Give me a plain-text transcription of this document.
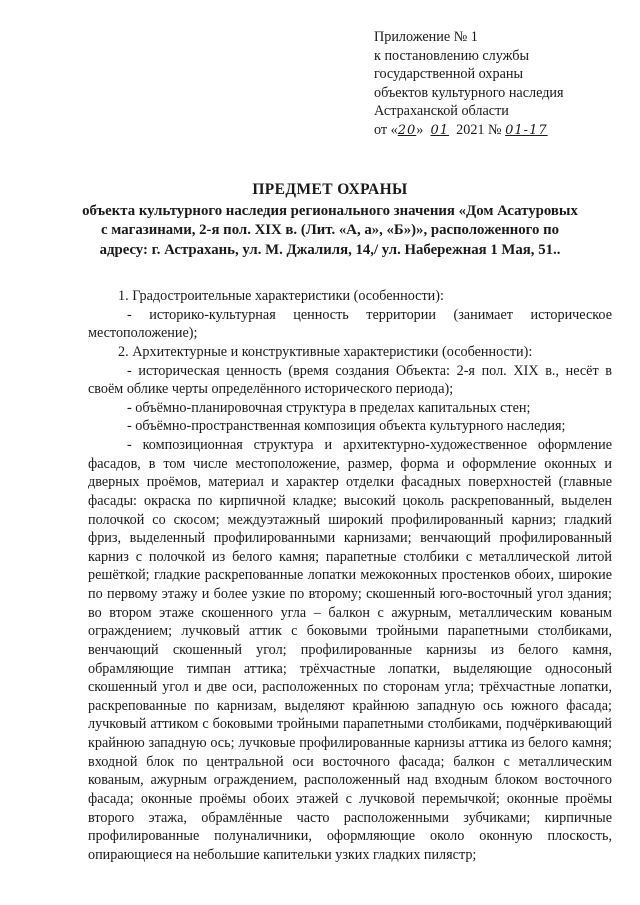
Приложение № 1
к постановлению службы
государственной охраны
объектов культурного наследия
Астраханской области
от «20»  01 2021 № 01-17
ПРЕДМЕТ ОХРАНЫ
объекта культурного наследия регионального значения «Дом Асатуровых
с магазинами, 2-я пол. XIX в. (Лит. «А, а», «Б»)», расположенного по
адресу: г. Астрахань, ул. М. Джалиля, 14,/ ул. Набережная 1 Мая, 51..

1. Градостроительные характеристики (особенности):

- историко-культурная ценность территории (занимает историческое местоположение);

2. Архитектурные и конструктивные характеристики (особенности):

- историческая ценность (время создания Объекта: 2-я пол. XIX в., несёт в своём облике черты определённого исторического периода);

- объёмно-планировочная структура в пределах капитальных стен;

- объёмно-пространственная композиция объекта культурного наследия;

- композиционная структура и архитектурно-художественное оформление фасадов, в том числе местоположение, размер, форма и оформление оконных и дверных проёмов, материал и характер отделки фасадных поверхностей (главные фасады: окраска по кирпичной кладке; высокий цоколь раскрепованный, выделен полочкой со скосом; междуэтажный широкий профилированный карниз; гладкий фриз, выделенный профилированными карнизами; венчающий профилированный карниз с полочкой из белого камня; парапетные столбики с металлической литой решёткой; гладкие раскрепованные лопатки межоконных простенков обоих, широкие по первому этажу и более узкие по второму; скошенный юго-восточный угол здания; во втором этаже скошенного угла – балкон с ажурным, металлическим кованым ограждением; лучковый аттик с боковыми тройными парапетными столбиками, венчающий скошенный угол; профилированные карнизы из белого камня, обрамляющие тимпан аттика; трёхчастные лопатки, выделяющие односоный скошенный угол и две оси, расположенных по сторонам угла; трёхчастные лопатки, раскрепованные по карнизам, выделяют крайнюю западную ось южного фасада; лучковый аттиком с боковыми тройными парапетными столбиками, подчёркивающий крайнюю западную ось; лучковые профилированные карнизы аттика из белого камня; входной блок по центральной оси восточного фасада; балкон с металлическим кованым, ажурным ограждением, расположенный над входным блоком восточного фасада; оконные проёмы обоих этажей с лучковой перемычкой; оконные проёмы второго этажа, обрамлённые часто расположенными зубчиками; кирпичные профилированные полуналичники, оформляющие около оконную плоскость, опирающиеся на небольшие капительки узких гладких пилястр;
